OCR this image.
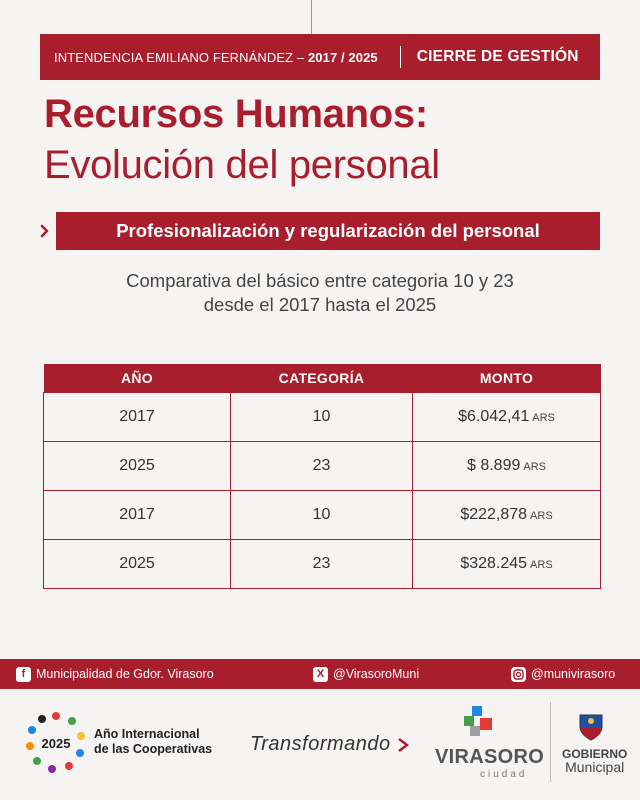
INTENDENCIA EMILIANO FERNÁNDEZ – 2017 / 2025	CIERRE DE GESTIÓN
Recursos Humanos:
Evolución del personal
Profesionalización y regularización del personal
Comparativa del básico entre categoria 10 y 23
desde el 2017 hasta el 2025
AÑO	CATEGORÍA	MONTO
2017	10	$6.042,41 ARS
2025	23	$ 8.899 ARS
2017	10	$222,878 ARS
2025	23	$328.245 ARS
f Municipalidad de Gdor. Virasoro	X @VirasoroMuni	@munivirasoro
2025
Año Internacional
de las Cooperativas Transformando
VIRASORO
ciudad
GOBIERNO
Municipal
